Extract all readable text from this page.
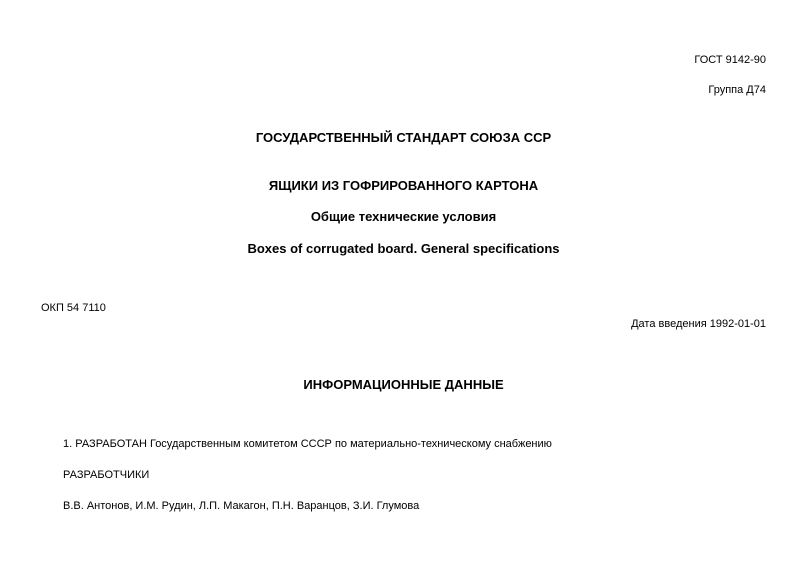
ГОСТ 9142-90
Группа Д74
ГОСУДАРСТВЕННЫЙ СТАНДАРТ СОЮЗА ССР
ЯЩИКИ ИЗ ГОФРИРОВАННОГО КАРТОНА
Общие технические условия
Boxes of corrugated board. General specifications
ОКП 54 7110
Дата введения 1992-01-01
ИНФОРМАЦИОННЫЕ ДАННЫЕ
1. РАЗРАБОТАН Государственным комитетом СССР по материально-техническому снабжению
РАЗРАБОТЧИКИ
В.В. Антонов, И.М. Рудин, Л.П. Макагон, П.Н. Варанцов, З.И. Глумова
